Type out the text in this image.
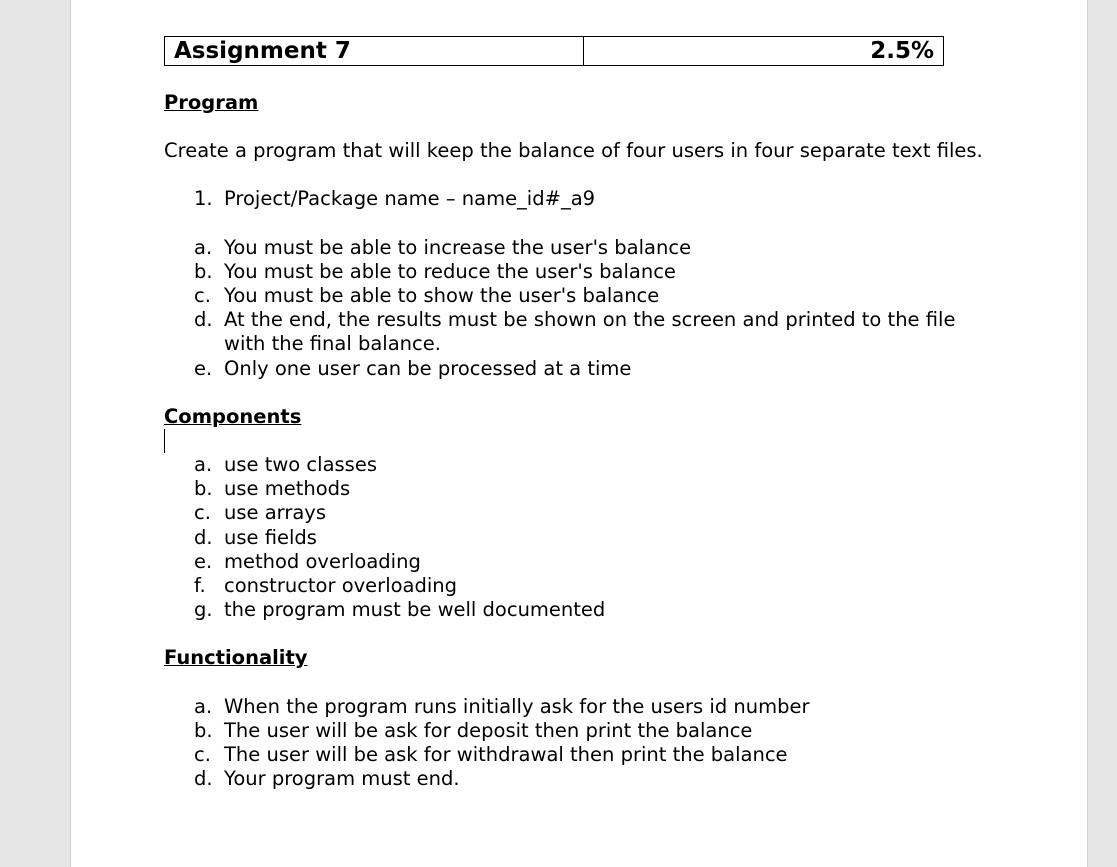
Assignment 7	2.5%
Program

Create a program that will keep the balance of four users in four separate text files.

1. Project/Package name – name_id#_a9
a. You must be able to increase the user's balance
b. You must be able to reduce the user's balance
c. You must be able to show the user's balance
d. At the end, the results must be shown on the screen and printed to the file with the final balance.
e. Only one user can be processed at a time
Components
a. use two classes
b. use methods
c. use arrays
d. use fields
e. method overloading
f. constructor overloading
g. the program must be well documented
Functionality
a. When the program runs initially ask for the users id number
b. The user will be ask for deposit then print the balance
c. The user will be ask for withdrawal then print the balance
d. Your program must end.
